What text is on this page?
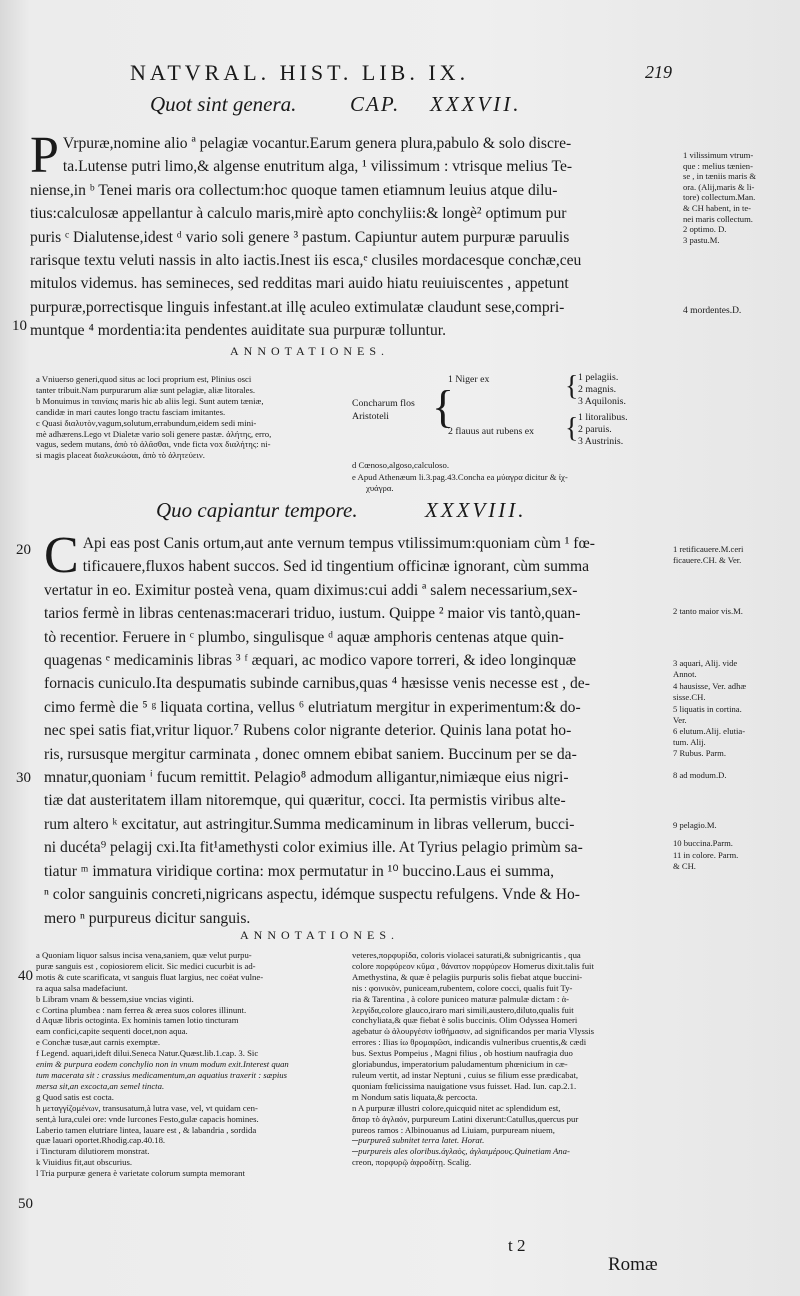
NATVRAL. HIST. LIB. IX.	219
Quot sint genera.	CAP. XXXVII.
P Vrpuræ,nomine alio ª pelagiæ vocantur.Earum genera plura,pabulo & solo discre-
ta.Lutense putri limo,& algense enutritum alga, ¹ vilissimum : vtrisque melius Te-
niense,in ᵇ Tenei maris ora collectum:hoc quoque tamen etiamnum leuius atque dilu-
tius:calculosæ appellantur à calculo maris,mirè apto conchyliis:& longè² optimum pur
puris ᶜ Dialutense,idest ᵈ vario soli genere ³ pastum. Capiuntur autem purpuræ paruulis
rarisque textu veluti nassis in alto iactis.Inest iis esca,ᵉ clusiles mordacesque conchæ,ceu
mitulos videmus. has semineces, sed redditas mari auido hiatu reuiuiscentes , appetunt
purpuræ,porrectisque linguis infestant.at illę aculeo extimulatæ claudunt sese,compri-
muntque ⁴ mordentia:ita pendentes auiditate sua purpuræ tolluntur.
10
1 vilissimum vtrum-
que : melius tænien-
se , in tæniis maris &
ora. (Alij,maris & li-
tore) collectum.Man.
& CH habent, in te-
nei maris collectum.
2 optimo. D.
3 pastu.M.
4 mordentes.D.
ANNOTATIONES.
a Vniuerso generi,quod situs ac loci proprium est, Plinius osci
tanter tribuit.Nam purpurarum aliæ sunt pelagiæ, aliæ litorales.
b Monuimus in ταινίαις maris hic ab aliis legi. Sunt autem tæniæ,
candidæ in mari cautes longo tractu fasciam imitantes.
c Quasi διαλυτὸν,vagum,solutum,errabundum,eidem sedi mini-
mè adhærens.Lego vt Dialetæ vario soli genere pastæ. ἀλήτης, erro,
vagus, sedem mutans, ἀπὸ τὸ ἀλᾶσθαι, vnde ficta vox διαλήτης: ni-
si magis placeat διαλευκώσαι, ἀπὸ τὸ ἀλητεύειν.
Concharum flos
Aristoteli {
1 Niger ex
2 flauus aut rubens ex
{ 1 pelagiis.
2 magnis.
3 Aquilonis.
{ 1 litoralibus.
2 paruis.
3 Austrinis.
d Cœnoso,algoso,calculoso.
e Apud Athenæum li.3.pag.43.Concha ea μύαγρα dicitur & ἰχ-
χυάγρα.
Quo capiantur tempore.	XXXVIII.
20 C Api eas post Canis ortum,aut ante vernum tempus vtilissimum:quoniam cùm ¹ fœ-
tificauere,fluxos habent succos. Sed id tingentium officinæ ignorant, cùm summa
vertatur in eo. Eximitur posteà vena, quam diximus:cui addi ª salem necessarium,sex-
tarios fermè in libras centenas:macerari triduo, iustum. Quippe ² maior vis tantò,quan-
tò recentior. Feruere in ᶜ plumbo, singulisque ᵈ aquæ amphoris centenas atque quin-
quagenas ᵉ medicaminis libras ³ ᶠ æquari, ac modico vapore torreri, & ideo longinquæ
fornacis cuniculo.Ita despumatis subinde carnibus,quas ⁴ hæsisse venis necesse est , de-
cimo fermè die ⁵ ᵍ liquata cortina, vellus ⁶ elutriatum mergitur in experimentum:& do-
nec spei satis fiat,vritur liquor.⁷ Rubens color nigrante deterior. Quinis lana potat ho-
ris, rursusque mergitur carminata , donec omnem ebibat saniem. Buccinum per se da-
mnatur,quoniam ⁱ fucum remittit. Pelagio⁸ admodum alligantur,nimiæque eius nigri-
tiæ dat austeritatem illam nitoremque, qui quæritur, cocci. Ita permistis viribus alte-
rum altero ᵏ excitatur, aut astringitur.Summa medicaminum in libras vellerum, bucci-
ni ducéta⁹ pelagij cxi.Ita fit¹amethysti color eximius ille. At Tyrius pelagio primùm sa-
tiatur ᵐ immatura viridique cortina: mox permutatur in ¹⁰ buccino.Laus ei summa,
ⁿ color sanguinis concreti,nigricans aspectu, idémque suspectu refulgens. Vnde & Ho-
mero ⁿ purpureus dicitur sanguis.
30
1 retificauere.M.ceri
ficauere.CH. & Ver.
2 tanto maior vis.M.
3 aquari, Alij. vide
Annot.
4 hausisse, Ver. adhæ
sisse.CH.
5 liquatis in cortina.
Ver.
6 elutum.Alij. elutia-
tum. Alij.
7 Rubus. Parm.
8 ad modum.D.
9 pelagio.M.
10 buccina.Parm.
11 in colore. Parm.
& CH.
ANNOTATIONES.
40
50
a Quoniam liquor salsus incisa vena,saniem, quæ velut purpu-
puræ sanguis est , copiosiorem elicit. Sic medici cucurbit is ad-
motis & cute scarificata, vt sanguis fluat largius, nec coëat vulne-
ra aqua salsa madefaciunt.
b Libram vnam & bessem,siue vncias viginti.
c Cortina plumbea : nam ferrea & ærea suos colores illinunt.
d Aquæ libris octoginta. Ex hominis tamen lotio tincturam
eam confici,capite sequenti docet,non aqua.
e Conchæ tusæ,aut carnis exemptæ.
f Legend. aquari,ideft dilui.Seneca Natur.Quæst.lib.1.cap. 3. Sic
enim & purpura eodem conchylio non in vnum modum exit.Interest quan
tum macerata sit : crassius medicamentum,an aquatius traxerit : sæpius
mersa sit,an excocta,an semel tincta.
g Quod satis est cocta.
h μεταγγίζομένων, transusatum,à lutra vase, vel, vt quidam cen-
sent,à lura,culei ore: vnde lurcones Festo,gulæ capacis homines.
Laberio tamen elutriare lintea, lauare est , & labandria , sordida
quæ lauari oportet.Rhodig.cap.40.18.
i Tincturam dilutiorem monstrat.
k Viuidius fit,aut obscurius.
l Tria purpuræ genera è varietate colorum sumpta memorant
veteres,πορφυρίδα, coloris violacei saturati,& subnigricantis , qua
colore πορφύρεον κῦμα , θάνατον πορφύρεον Homerus dixit.talis fuit
Amethystina, & quæ è pelagiis purpuris solis fiebat atque buccini-
nis : φοινικὸν, puniceam,rubentem, colore cocci, qualis fuit Ty-
ria & Tarentina , à colore puniceo maturæ palmulæ dictam : ἁ-
λεργίδα,colore glauco,iraro mari simili,austero,diluto,qualis fuit
conchyliata,& quæ fiebat è solis buccinis. Olim Odyssea Homeri
agebatur ὡ ἁλουργέσιν ἰσθήμασιν, ad significandos per maria Vlyssis
errores : Ilias ἰω θρομαφῶσι, indicandis vulneribus cruentis,& cædi
bus. Sextus Pompeius , Magni filius , ob hostium naufragia duo
gloriabundus, imperatorium paludamentum phœnicium in cæ-
ruleum vertit, ad instar Neptuni , cuius se filium esse prædicabat,
quoniam fœlicissima nauigatione vsus fuisset. Had. Iun. cap.2.1.
m Nondum satis liquata,& percocta.
n A purpuræ illustri colore,quicquid nitet ac splendidum est,
ἄπαρ τὸ ἀγλαόν, purpureum Latini dixerunt:Catullus,quercus pur
pureos ramos : Albinouanus ad Liuiam, purpuream niuem,
─purpureâ subnitet terra latet. Horat.
─purpureis ales oloribus.ἀγλαὸς, ἀγλαιμέρους.Quinetiam Ana-
creon, πορφυρῷ ἀφροδίτῃ. Scalig.
t 2
Romæ
